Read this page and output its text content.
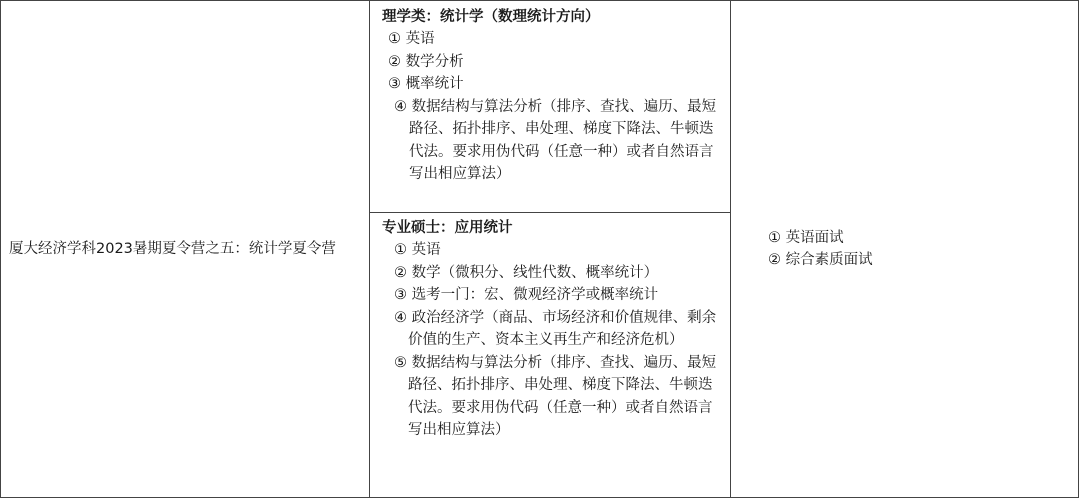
厦大经济学科2023暑期夏令营之五：统计学夏令营
理学类：统计学（数理统计方向）
① 英语
② 数学分析
③ 概率统计
④ 数据结构与算法分析（排序、查找、遍历、最短路径、拓扑排序、串处理、梯度下降法、牛顿迭代法。要求用伪代码（任意一种）或者自然语言写出相应算法）
专业硕士：应用统计
① 英语
② 数学（微积分、线性代数、概率统计）
③ 选考一门：宏、微观经济学或概率统计
④ 政治经济学（商品、市场经济和价值规律、剩余价值的生产、资本主义再生产和经济危机）
⑤ 数据结构与算法分析（排序、查找、遍历、最短路径、拓扑排序、串处理、梯度下降法、牛顿迭代法。要求用伪代码（任意一种）或者自然语言写出相应算法）
① 英语面试
② 综合素质面试
